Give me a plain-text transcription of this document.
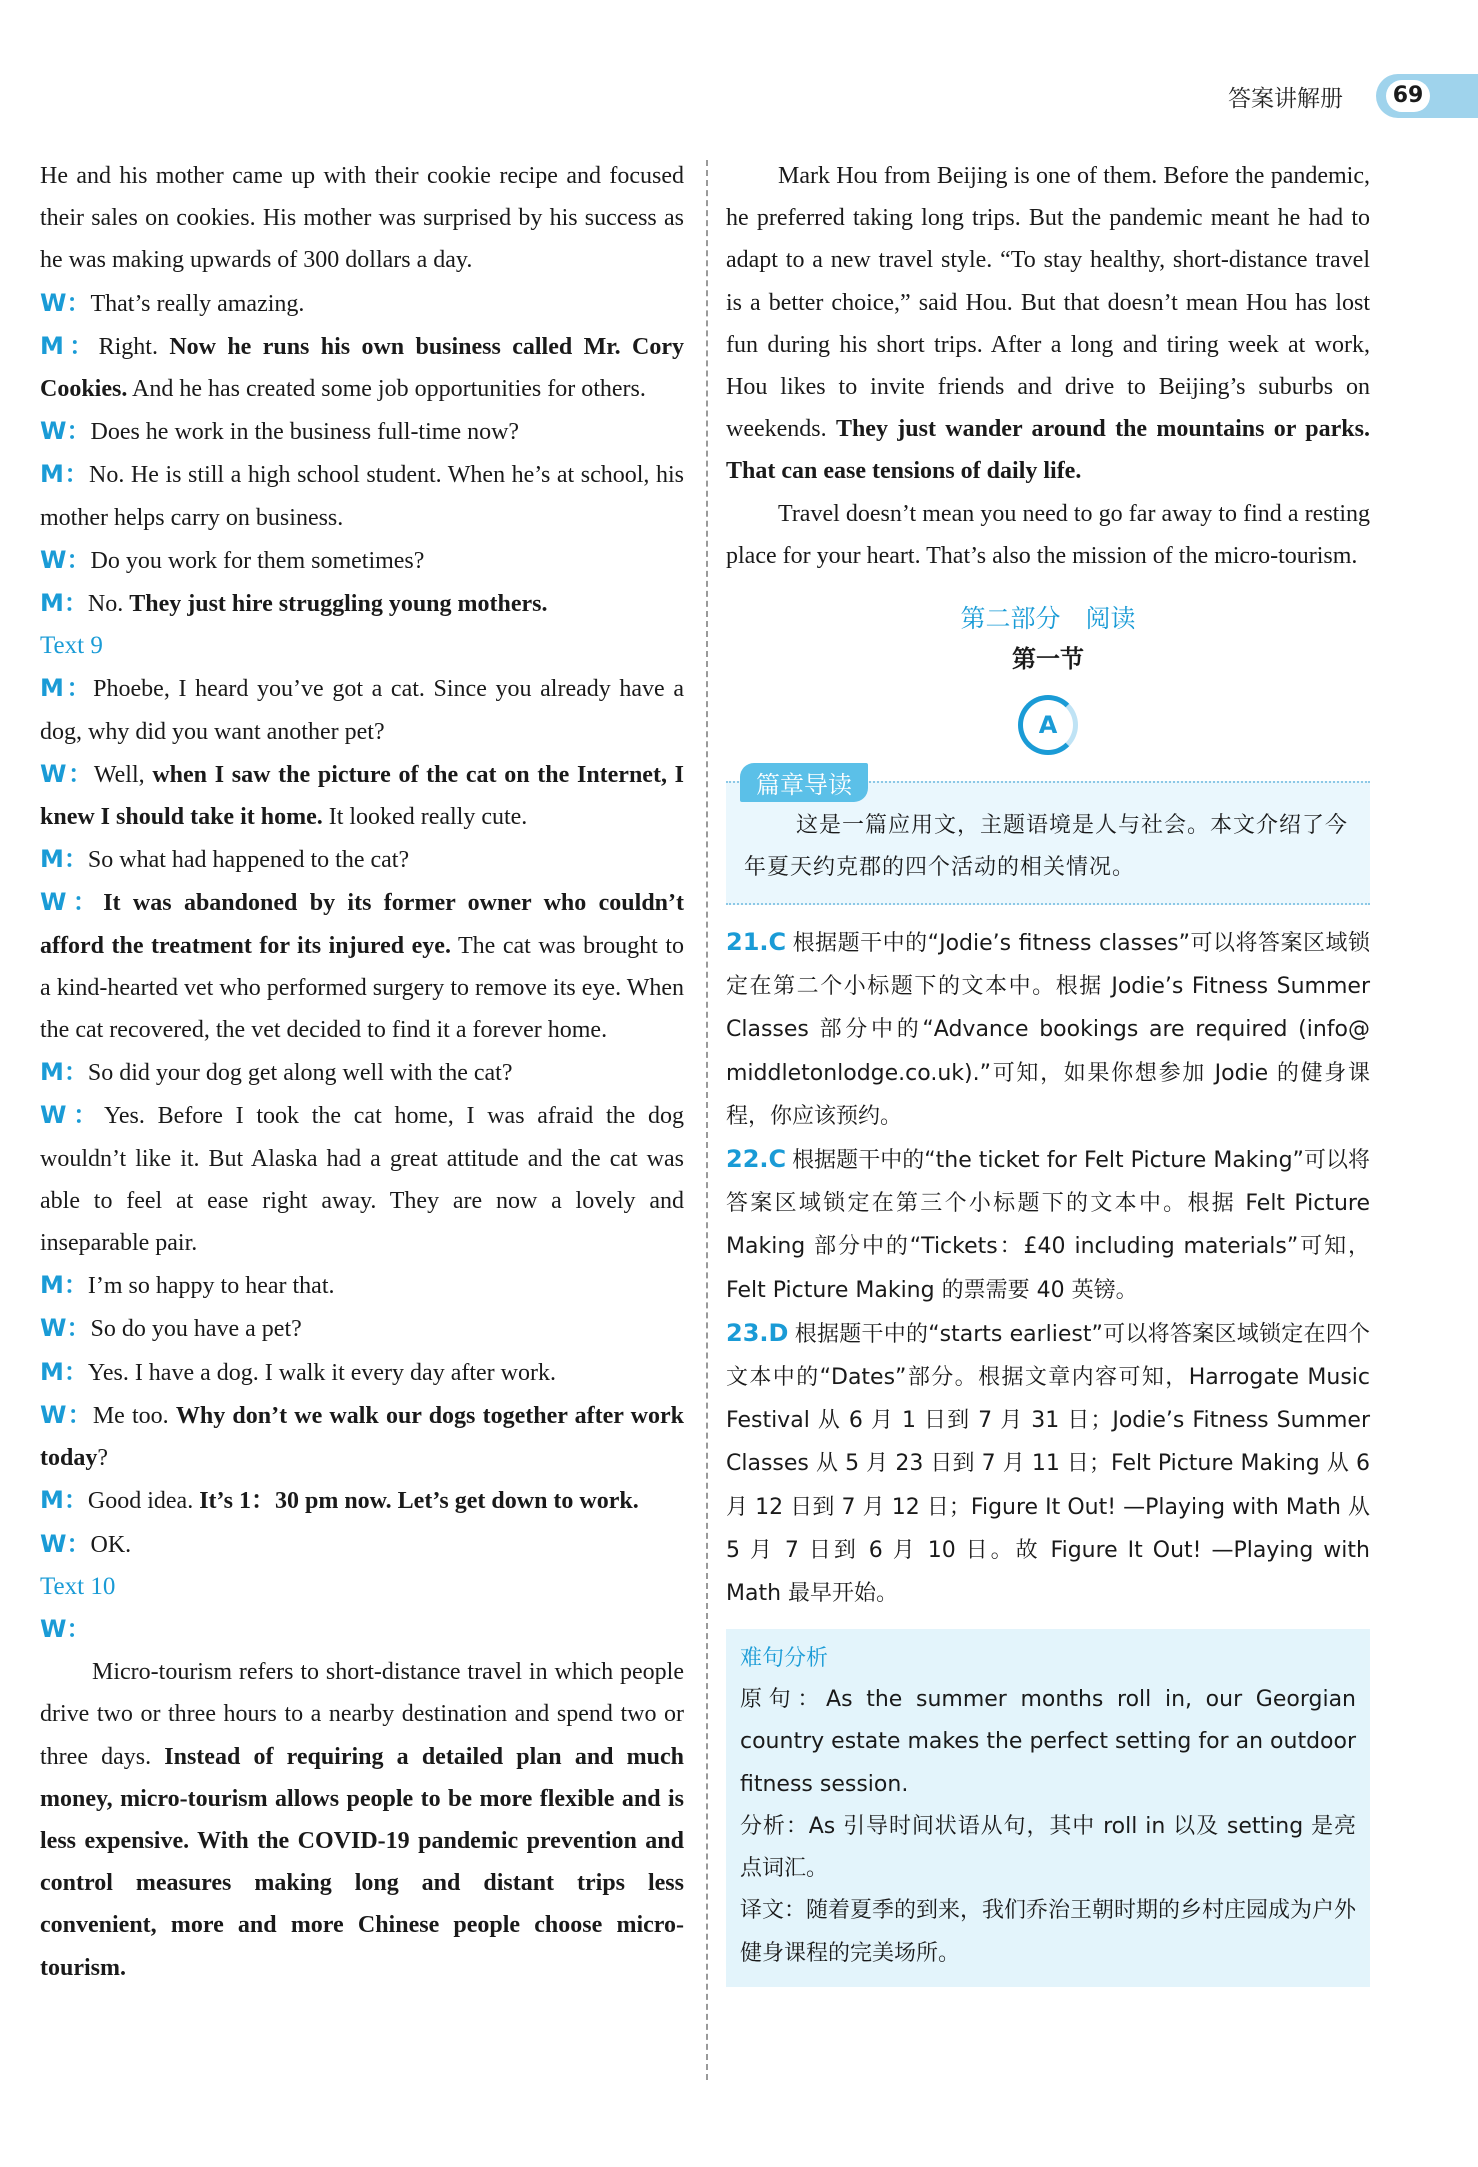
答案讲解册	69

He and his mother came up with their cookie recipe and focused their sales on cookies. His mother was surprised by his success as he was making upwards of 300 dollars a day.

W：That’s really amazing.

M：Right. Now he runs his own business called Mr. Cory Cookies. And he has created some job opportunities for others.

W：Does he work in the business full-time now?

M：No. He is still a high school student. When he’s at school, his mother helps carry on business.

W：Do you work for them sometimes?

M：No. They just hire struggling young mothers.

Text 9

M：Phoebe, I heard you’ve got a cat. Since you already have a dog, why did you want another pet?

W：Well, when I saw the picture of the cat on the Internet, I knew I should take it home. It looked really cute.

M：So what had happened to the cat?

W：It was abandoned by its former owner who couldn’t afford the treatment for its injured eye. The cat was brought to a kind-hearted vet who performed surgery to remove its eye. When the cat recovered, the vet decided to find it a forever home.

M：So did your dog get along well with the cat?

W：Yes. Before I took the cat home, I was afraid the dog wouldn’t like it. But Alaska had a great attitude and the cat was able to feel at ease right away. They are now a lovely and inseparable pair.

M：I’m so happy to hear that.

W：So do you have a pet?

M：Yes. I have a dog. I walk it every day after work.

W：Me too. Why don’t we walk our dogs together after work today?

M：Good idea. It’s 1：30 pm now. Let’s get down to work.

W：OK.

Text 10

W：

Micro-tourism refers to short-distance travel in which people drive two or three hours to a nearby destination and spend two or three days. Instead of requiring a detailed plan and much money, micro-tourism allows people to be more flexible and is less expensive. With the COVID-19 pandemic prevention and control measures making long and distant trips less convenient, more and more Chinese people choose micro-tourism.

Mark Hou from Beijing is one of them. Before the pandemic, he preferred taking long trips. But the pandemic meant he had to adapt to a new travel style. “To stay healthy, short-distance travel is a better choice,” said Hou. But that doesn’t mean Hou has lost fun during his short trips. After a long and tiring week at work, Hou likes to invite friends and drive to Beijing’s suburbs on weekends. They just wander around the mountains or parks. That can ease tensions of daily life.

Travel doesn’t mean you need to go far away to find a resting place for your heart. That’s also the mission of the micro-tourism.

第二部分　阅读
第一节
A
篇章导读

这是一篇应用文，主题语境是人与社会。本文介绍了今年夏天约克郡的四个活动的相关情况。

21.C 根据题干中的“Jodie’s fitness classes”可以将答案区域锁定在第二个小标题下的文本中。根据 Jodie’s Fitness Summer Classes 部分中的“Advance bookings are required (info@ middletonlodge.co.uk).”可知，如果你想参加 Jodie 的健身课程，你应该预约。

22.C 根据题干中的“the ticket for Felt Picture Making”可以将答案区域锁定在第三个小标题下的文本中。根据 Felt Picture Making 部分中的“Tickets：£40 including materials”可知，Felt Picture Making 的票需要 40 英镑。

23.D 根据题干中的“starts earliest”可以将答案区域锁定在四个文本中的“Dates”部分。根据文章内容可知，Harrogate Music Festival 从 6 月 1 日到 7 月 31 日；Jodie’s Fitness Summer Classes 从 5 月 23 日到 7 月 11 日；Felt Picture Making 从 6 月 12 日到 7 月 12 日；Figure It Out! —Playing with Math 从 5 月 7 日到 6 月 10 日。故 Figure It Out! —Playing with Math 最早开始。

难句分析

原句：As the summer months roll in, our Georgian country estate makes the perfect setting for an outdoor fitness session.

分析：As 引导时间状语从句，其中 roll in 以及 setting 是亮点词汇。

译文：随着夏季的到来，我们乔治王朝时期的乡村庄园成为户外健身课程的完美场所。
